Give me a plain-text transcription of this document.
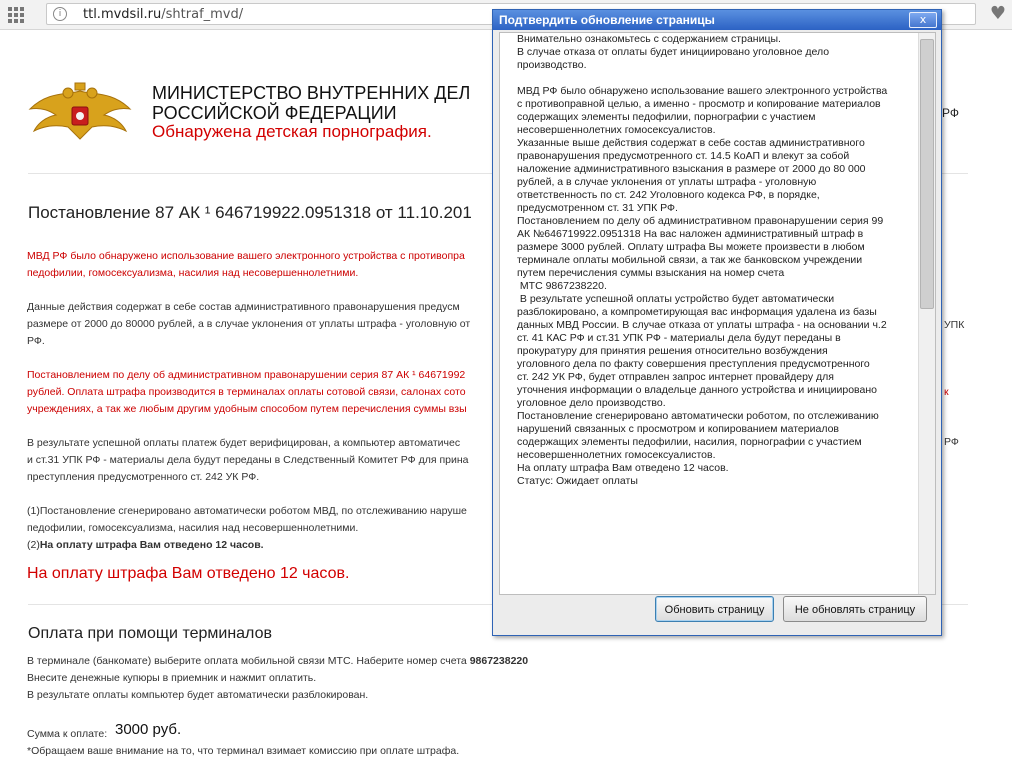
i	ttl.mvdsil.ru/shtraf_mvd/	♥
МИНИСТЕРСТВО ВНУТРЕННИХ ДЕЛ
РОССИЙСКОЙ ФЕДЕРАЦИИ
Обнаружена детская порнография.
РФ
Постановление 87 АК ¹ 646719922.0951318 от 11.10.201
МВД РФ было обнаружено использование вашего электронного устройства с противопра
педофилии, гомосексуализма, насилия над несовершеннолетними.
Данные действия содержат в себе состав административного правонарушения предусм
размере от 2000 до 80000 рублей, а в случае уклонения от уплаты штрафа - уголовную от
РФ.
УПК
Постановлением по делу об административном правонарушении серия 87 АК ¹ 64671992
рублей. Оплата штрафа производится в терминалах оплаты сотовой связи, салонах сото
учреждениях, а так же любым другим удобным способом путем перечисления суммы взы
к
В результате успешной оплаты платеж будет верифицирован, а компьютер автоматичес
и ст.31 УПК РФ - материалы дела будут переданы в Следственный Комитет РФ для прина
преступления предусмотренного ст. 242 УК РФ.
РФ
(1)Постановление сгенерировано автоматически роботом МВД, по отслеживанию наруше
педофилии, гомосексуализма, насилия над несовершеннолетними.
(2)На оплату штрафа Вам отведено 12 часов.
На оплату штрафа Вам отведено 12 часов.
Оплата при помощи терминалов
В терминале (банкомате) выберите оплата мобильной связи МТС. Наберите номер счета 9867238220
Внесите денежные купюры в приемник и нажмит оплатить.
В результате оплаты компьютер будет автоматически разблокирован.
Сумма к оплате: 3000 руб.
*Обращаем ваше внимание на то, что терминал взимает комиссию при оплате штрафа.
Подтвердить обновление страницы	x

Внимательно ознакомьтесь с содержанием страницы.
В случае отказа от оплаты будет инициировано уголовное дело
производство.

МВД РФ было обнаружено использование вашего электронного устройства
с противоправной целью, а именно - просмотр и копирование материалов
содержащих элементы педофилии, порнографии с участием
несовершеннолетних гомосексуалистов.
Указанные выше действия содержат в себе состав административного
правонарушения предусмотренного ст. 14.5 КоАП и влекут за собой
наложение административного взыскания в размере от 2000 до 80 000
рублей, а в случае уклонения от уплаты штрафа - уголовную
ответственность по ст. 242 Уголовного кодекса РФ, в порядке,
предусмотренном ст. 31 УПК РФ.
Постановлением по делу об административном правонарушении серия 99
АК №646719922.0951318 На вас наложен административный штраф в
размере 3000 рублей. Оплату штрафа Вы можете произвести в любом
терминале оплаты мобильной связи, а так же банковском учреждении
путем перечисления суммы взыскания на номер счета
МТС 9867238220.
В результате успешной оплаты устройство будет автоматически
разблокировано, а компрометирующая вас информация удалена из базы
данных МВД России. В случае отказа от уплаты штрафа - на основании ч.2
ст. 41 КАС РФ и ст.31 УПК РФ - материалы дела будут переданы в
прокуратуру для принятия решения относительно возбуждения
уголовного дела по факту совершения преступления предусмотренного
ст. 242 УК РФ, будет отправлен запрос интернет провайдеру для
уточнения информации о владельце данного устройства и инициировано
уголовное дело производство.
Постановление сгенерировано автоматически роботом, по отслеживанию
нарушений связанных с просмотром и копированием материалов
содержащих элементы педофилии, насилия, порнографии с участием
несовершеннолетних гомосексуалистов.
На оплату штрафа Вам отведено 12 часов.

Статус: Ожидает оплаты

Обновить страницу	Не обновлять страницу
